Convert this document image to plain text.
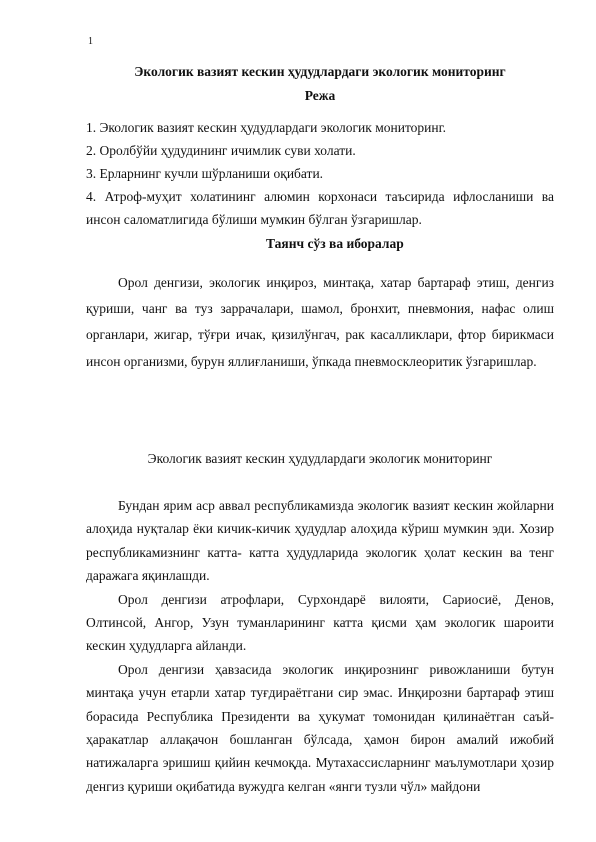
1
Экологик вазият кескин ҳудудлардаги экологик мониторинг
Режа

1. Экологик вазият кескин ҳудудлардаги экологик мониторинг.

2. Оролбўйи ҳудудининг ичимлик суви холати.

3. Ерларнинг кучли шўрланиши оқибати.

4. Атроф-муҳит холатининг алюмин корхонаси таъсирида ифлосланиши ва инсон саломатлигида бўлиши мумкин бўлган ўзгаришлар.

Таянч сўз ва иборалар

Орол денгизи, экологик инқироз, минтақа, хатар бартараф этиш, денгиз қуриши, чанг ва туз заррачалари, шамол, бронхит, пневмония, нафас олиш органлари, жигар, тўғри ичак, қизилўнгач, рак касалликлари, фтор бирикмаси инсон организми, бурун яллиғланиши, ўпкада пневмосклеоритик ўзгаришлар.

Экологик вазият кескин ҳудудлардаги экологик мониторинг

Бундан ярим аср аввал республикамизда экологик вазият кескин жойларни алоҳида нуқталар ёки кичик-кичик ҳудудлар алоҳида кўриш мумкин эди. Хозир республикамизнинг катта- катта ҳудудларида экологик ҳолат кескин ва тенг даражага яқинлашди.

Орол денгизи атрофлари, Сурхондарё вилояти, Сариосиё, Денов, Олтинсой, Ангор, Узун туманларининг катта қисми ҳам экологик шароити кескин ҳудудларга айланди.

Орол денгизи ҳавзасида экологик инқирознинг ривожланиши бутун минтақа учун етарли хатар туғдираётгани сир эмас. Инқирозни бартараф этиш борасида Республика Президенти ва ҳукумат томонидан қилинаётган саъй-ҳаракатлар аллақачон бошланган бўлсада, ҳамон бирон амалий ижобий натижаларга эришиш қийин кечмоқда. Мутахассисларнинг маълумотлари ҳозир денгиз қуриши оқибатида вужудга келган «янги тузли чўл» майдони
